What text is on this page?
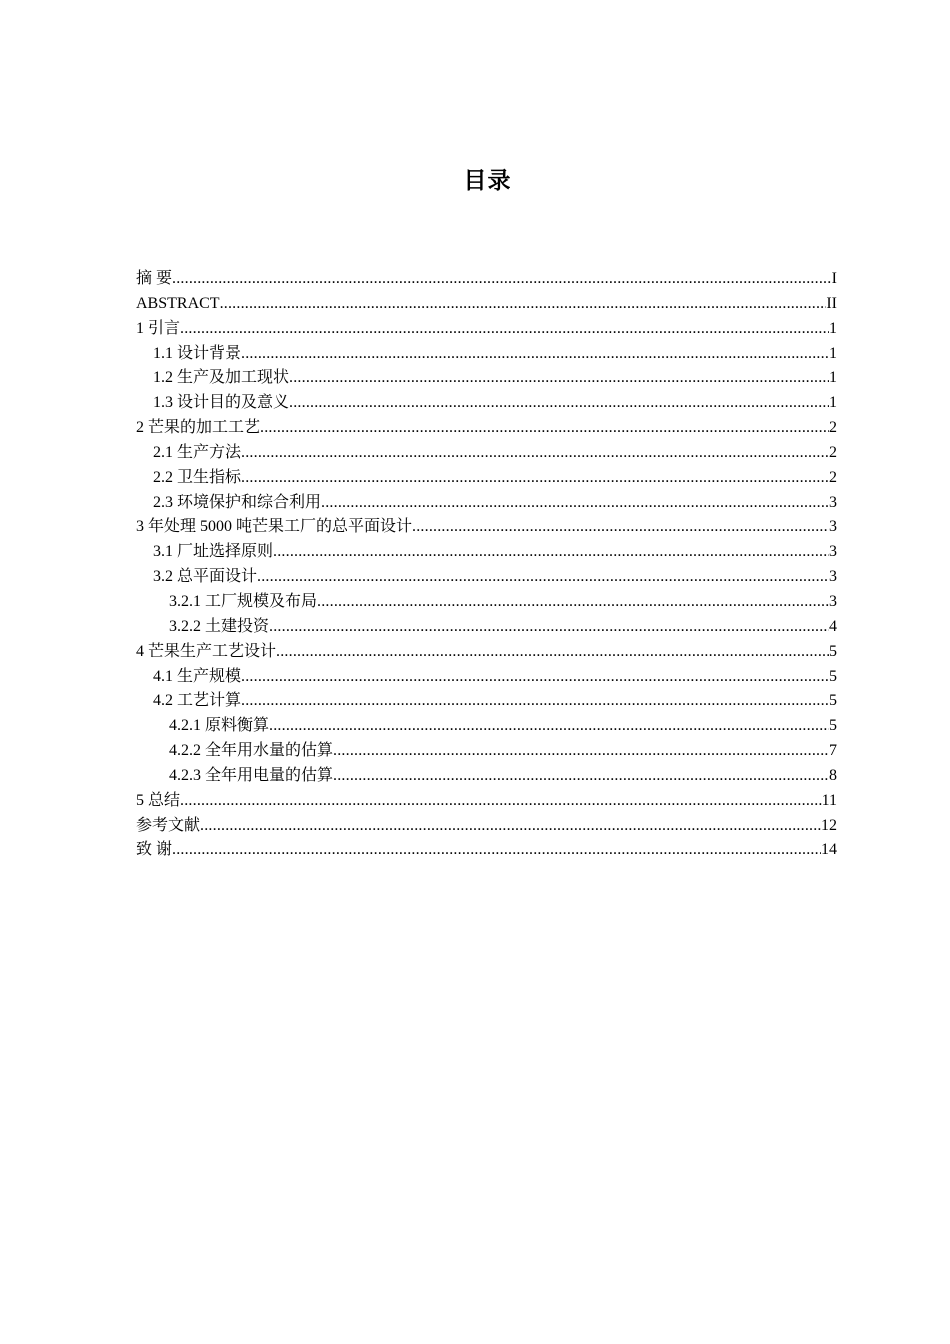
目录
摘 要 .....	I
ABSTRACT .....	II
1 引言 .....	1
1.1 设计背景 .....	1
1.2 生产及加工现状 .....	1
1.3 设计目的及意义 .....	1
2 芒果的加工工艺 .....	2
2.1 生产方法 .....	2
2.2 卫生指标 .....	2
2.3 环境保护和综合利用 .....	3
3 年处理 5000 吨芒果工厂的总平面设计 .....	3
3.1 厂址选择原则 .....	3
3.2 总平面设计 .....	3
3.2.1 工厂规模及布局 .....	3
3.2.2 土建投资 .....	4
4 芒果生产工艺设计 .....	5
4.1 生产规模 .....	5
4.2 工艺计算 .....	5
4.2.1 原料衡算 .....	5
4.2.2 全年用水量的估算 .....	7
4.2.3 全年用电量的估算 .....	8
5 总结 .....	11
参考文献 .....	12
致 谢 .....	14
